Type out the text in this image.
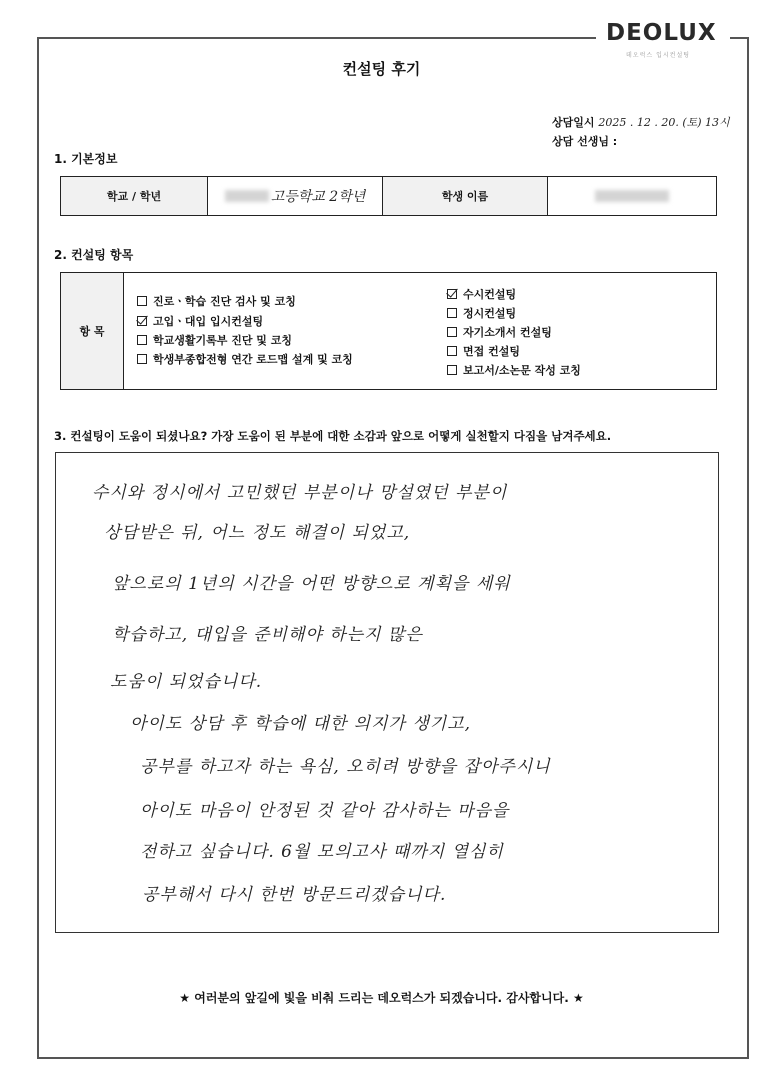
DEOLUX
데오럭스 입시컨설팅
컨설팅 후기
상담일시 2025 . 12 . 20. (토) 13시
상담 선생님 :
1. 기본정보
학교 / 학년	고등학교 2학년	학생 이름
2. 컨설팅 항목
항 목
진로ㆍ학습 진단 검사 및 코칭
고입ㆍ대입 입시컨설팅
학교생활기록부 진단 및 코칭
학생부종합전형 연간 로드맵 설계 및 코칭
수시컨설팅
정시컨설팅
자기소개서 컨설팅
면접 컨설팅
보고서/소논문 작성 코칭
3. 컨설팅이 도움이 되셨나요? 가장 도움이 된 부분에 대한 소감과 앞으로 어떻게 실천할지 다짐을 남겨주세요.
수시와 정시에서 고민했던 부분이나 망설였던 부분이
상담받은 뒤, 어느 정도 해결이 되었고,
앞으로의 1년의 시간을 어떤 방향으로 계획을 세워
학습하고, 대입을 준비해야 하는지 많은
도움이 되었습니다.
아이도 상담 후 학습에 대한 의지가 생기고,
공부를 하고자 하는 욕심, 오히려 방향을 잡아주시니
아이도 마음이 안정된 것 같아 감사하는 마음을
전하고 싶습니다. 6월 모의고사 때까지 열심히
공부해서 다시 한번 방문드리겠습니다.
★ 여러분의 앞길에 빛을 비춰 드리는 데오럭스가 되겠습니다. 감사합니다. ★
